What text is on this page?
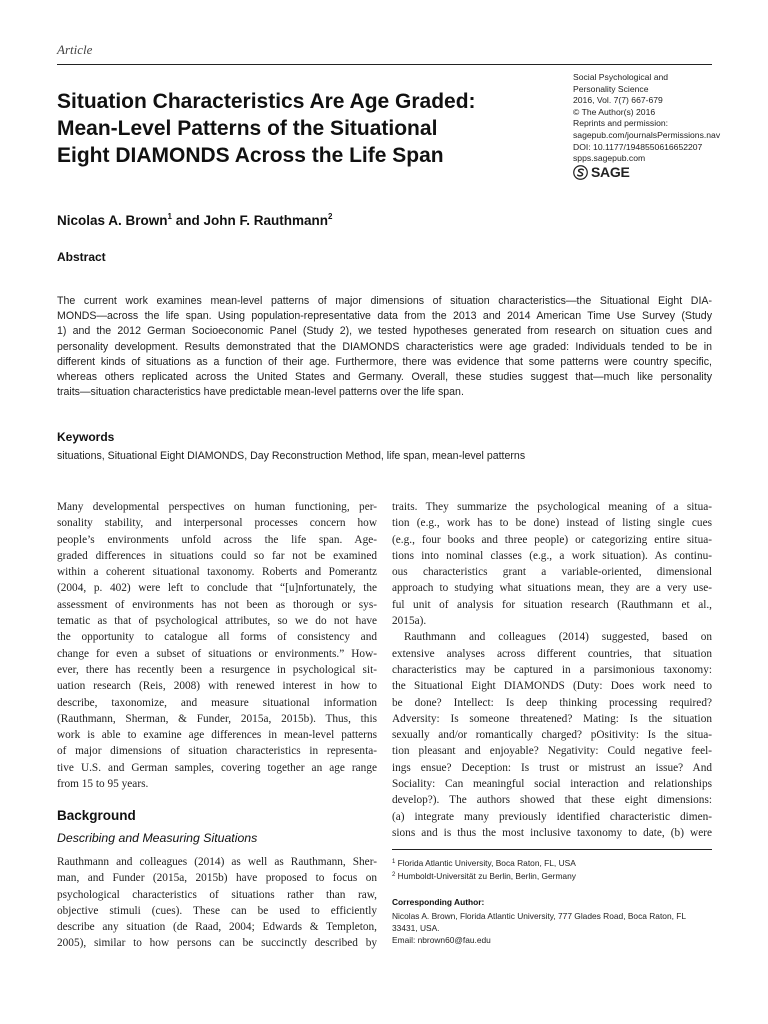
Article
Situation Characteristics Are Age Graded:
Mean-Level Patterns of the Situational
Eight DIAMONDS Across the Life Span
Social Psychological and
Personality Science
2016, Vol. 7(7) 667-679
© The Author(s) 2016
Reprints and permission:
sagepub.com/journalsPermissions.nav
DOI: 10.1177/1948550616652207
spps.sagepub.com
SAGE
Nicolas A. Brown$^1$ and John F. Rauthmann$^2$
Abstract
The current work examines mean-level patterns of major dimensions of situation characteristics—the Situational Eight DIA-
MONDS—across the life span. Using population-representative data from the 2013 and 2014 American Time Use Survey (Study
1) and the 2012 German Socioeconomic Panel (Study 2), we tested hypotheses generated from research on situation cues and
personality development. Results demonstrated that the DIAMONDS characteristics were age graded: Individuals tended to be in
different kinds of situations as a function of their age. Furthermore, there was evidence that some patterns were country specific,
whereas others replicated across the United States and Germany. Overall, these studies suggest that—much like personality
traits—situation characteristics have predictable mean-level patterns over the life span.
Keywords
situations, Situational Eight DIAMONDS, Day Reconstruction Method, life span, mean-level patterns
Many developmental perspectives on human functioning, per-
sonality stability, and interpersonal processes concern how
people’s environments unfold across the life span. Age-
graded differences in situations could so far not be examined
within a coherent situational taxonomy. Roberts and Pomerantz
(2004, p. 402) were left to conclude that “[u]nfortunately, the
assessment of environments has not been as thorough or sys-
tematic as that of psychological attributes, so we do not have
the opportunity to catalogue all forms of consistency and
change for even a subset of situations or environments.” How-
ever, there has recently been a resurgence in psychological sit-
uation research (Reis, 2008) with renewed interest in how to
describe, taxonomize, and measure situational information
(Rauthmann, Sherman, & Funder, 2015a, 2015b). Thus, this
work is able to examine age differences in mean-level patterns
of major dimensions of situation characteristics in representa-
tive U.S. and German samples, covering together an age range
from 15 to 95 years.
Background
Describing and Measuring Situations
Rauthmann and colleagues (2014) as well as Rauthmann, Sher-
man, and Funder (2015a, 2015b) have proposed to focus on
psychological characteristics of situations rather than raw,
objective stimuli (cues). These can be used to efficiently
describe any situation (de Raad, 2004; Edwards & Templeton,
2005), similar to how persons can be succinctly described by
traits. They summarize the psychological meaning of a situa-
tion (e.g., work has to be done) instead of listing single cues
(e.g., four books and three people) or categorizing entire situa-
tions into nominal classes (e.g., a work situation). As continu-
ous characteristics grant a variable-oriented, dimensional
approach to studying what situations mean, they are a very use-
ful unit of analysis for situation research (Rauthmann et al.,
2015a).
Rauthmann and colleagues (2014) suggested, based on
extensive analyses across different countries, that situation
characteristics may be captured in a parsimonious taxonomy:
the Situational Eight DIAMONDS (Duty: Does work need to
be done? Intellect: Is deep thinking processing required?
Adversity: Is someone threatened? Mating: Is the situation
sexually and/or romantically charged? pOsitivity: Is the situa-
tion pleasant and enjoyable? Negativity: Could negative feel-
ings ensue? Deception: Is trust or mistrust an issue? And
Sociality: Can meaningful social interaction and relationships
develop?). The authors showed that these eight dimensions:
(a) integrate many previously identified characteristic dimen-
sions and is thus the most inclusive taxonomy to date, (b) were
$^1$ Florida Atlantic University, Boca Raton, FL, USA
$^2$ Humboldt-Universität zu Berlin, Berlin, Germany
Corresponding Author:
Nicolas A. Brown, Florida Atlantic University, 777 Glades Road, Boca Raton, FL
33431, USA.
Email: nbrown60@fau.edu
